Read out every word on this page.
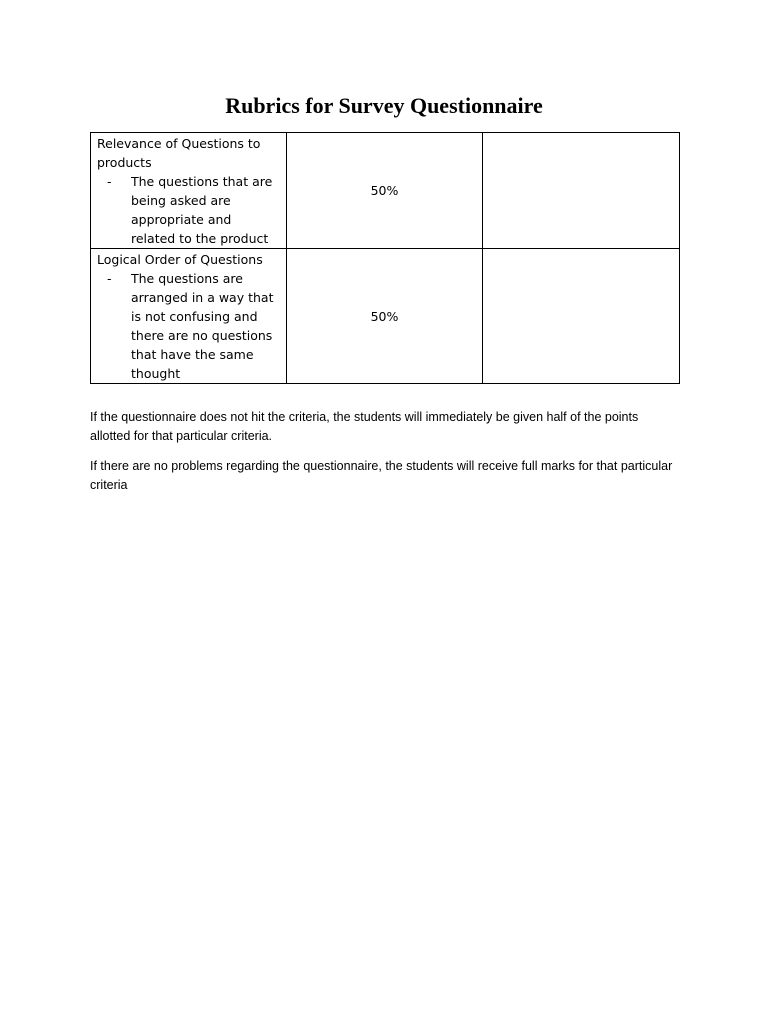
Rubrics for Survey Questionnaire
Relevance of Questions to products
- The questions that are being asked are appropriate and related to the product	50%	

Logical Order of Questions
- The questions are arranged in a way that is not confusing and there are no questions that have the same thought	50%	

If the questionnaire does not hit the criteria, the students will immediately be given half of the points allotted for that particular criteria.

If there are no problems regarding the questionnaire, the students will receive full marks for that particular criteria
